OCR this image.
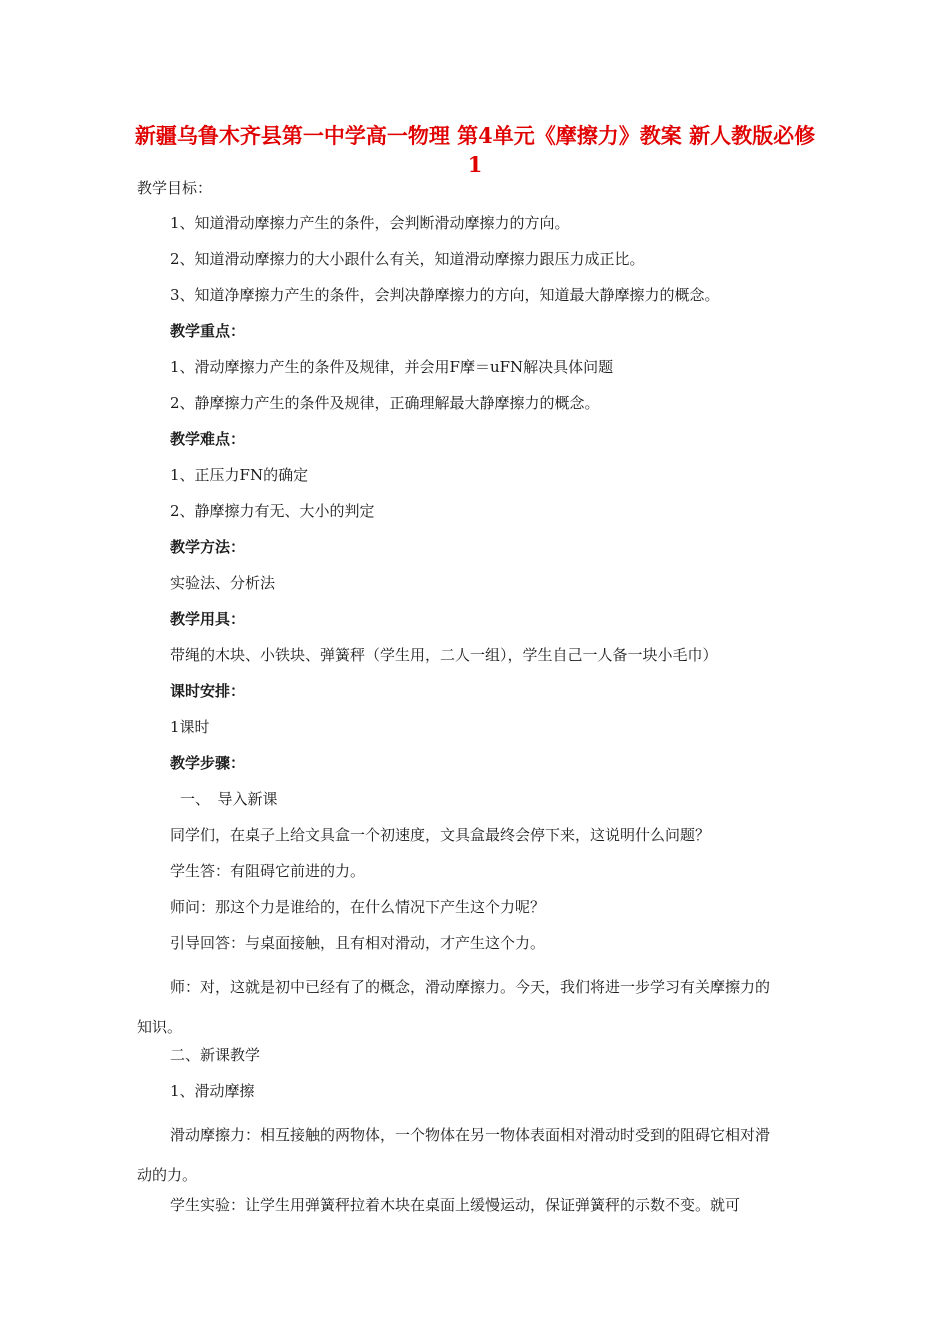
新疆乌鲁木齐县第一中学高一物理 第4单元《摩擦力》教案 新人教版必修1

教学目标：

1、知道滑动摩擦力产生的条件，会判断滑动摩擦力的方向。

2、知道滑动摩擦力的大小跟什么有关，知道滑动摩擦力跟压力成正比。

3、知道净摩擦力产生的条件，会判决静摩擦力的方向，知道最大静摩擦力的概念。

教学重点：

1、滑动摩擦力产生的条件及规律，并会用F摩＝uFN解决具体问题

2、静摩擦力产生的条件及规律，正确理解最大静摩擦力的概念。

教学难点：

1、正压力FN的确定

2、静摩擦力有无、大小的判定

教学方法：

实验法、分析法

教学用具：

带绳的木块、小铁块、弹簧秤（学生用，二人一组），学生自己一人备一块小毛巾）

课时安排：

1课时

教学步骤：

一、　导入新课

同学们，在桌子上给文具盒一个初速度，文具盒最终会停下来，这说明什么问题？

学生答：有阻碍它前进的力。

师问：那这个力是谁给的，在什么情况下产生这个力呢？

引导回答：与桌面接触，且有相对滑动，才产生这个力。

师：对，这就是初中已经有了的概念，滑动摩擦力。今天，我们将进一步学习有关摩擦力的知识。

二、新课教学

1、滑动摩擦

滑动摩擦力：相互接触的两物体，一个物体在另一物体表面相对滑动时受到的阻碍它相对滑动的力。

学生实验：让学生用弹簧秤拉着木块在桌面上缓慢运动，保证弹簧秤的示数不变。就可
